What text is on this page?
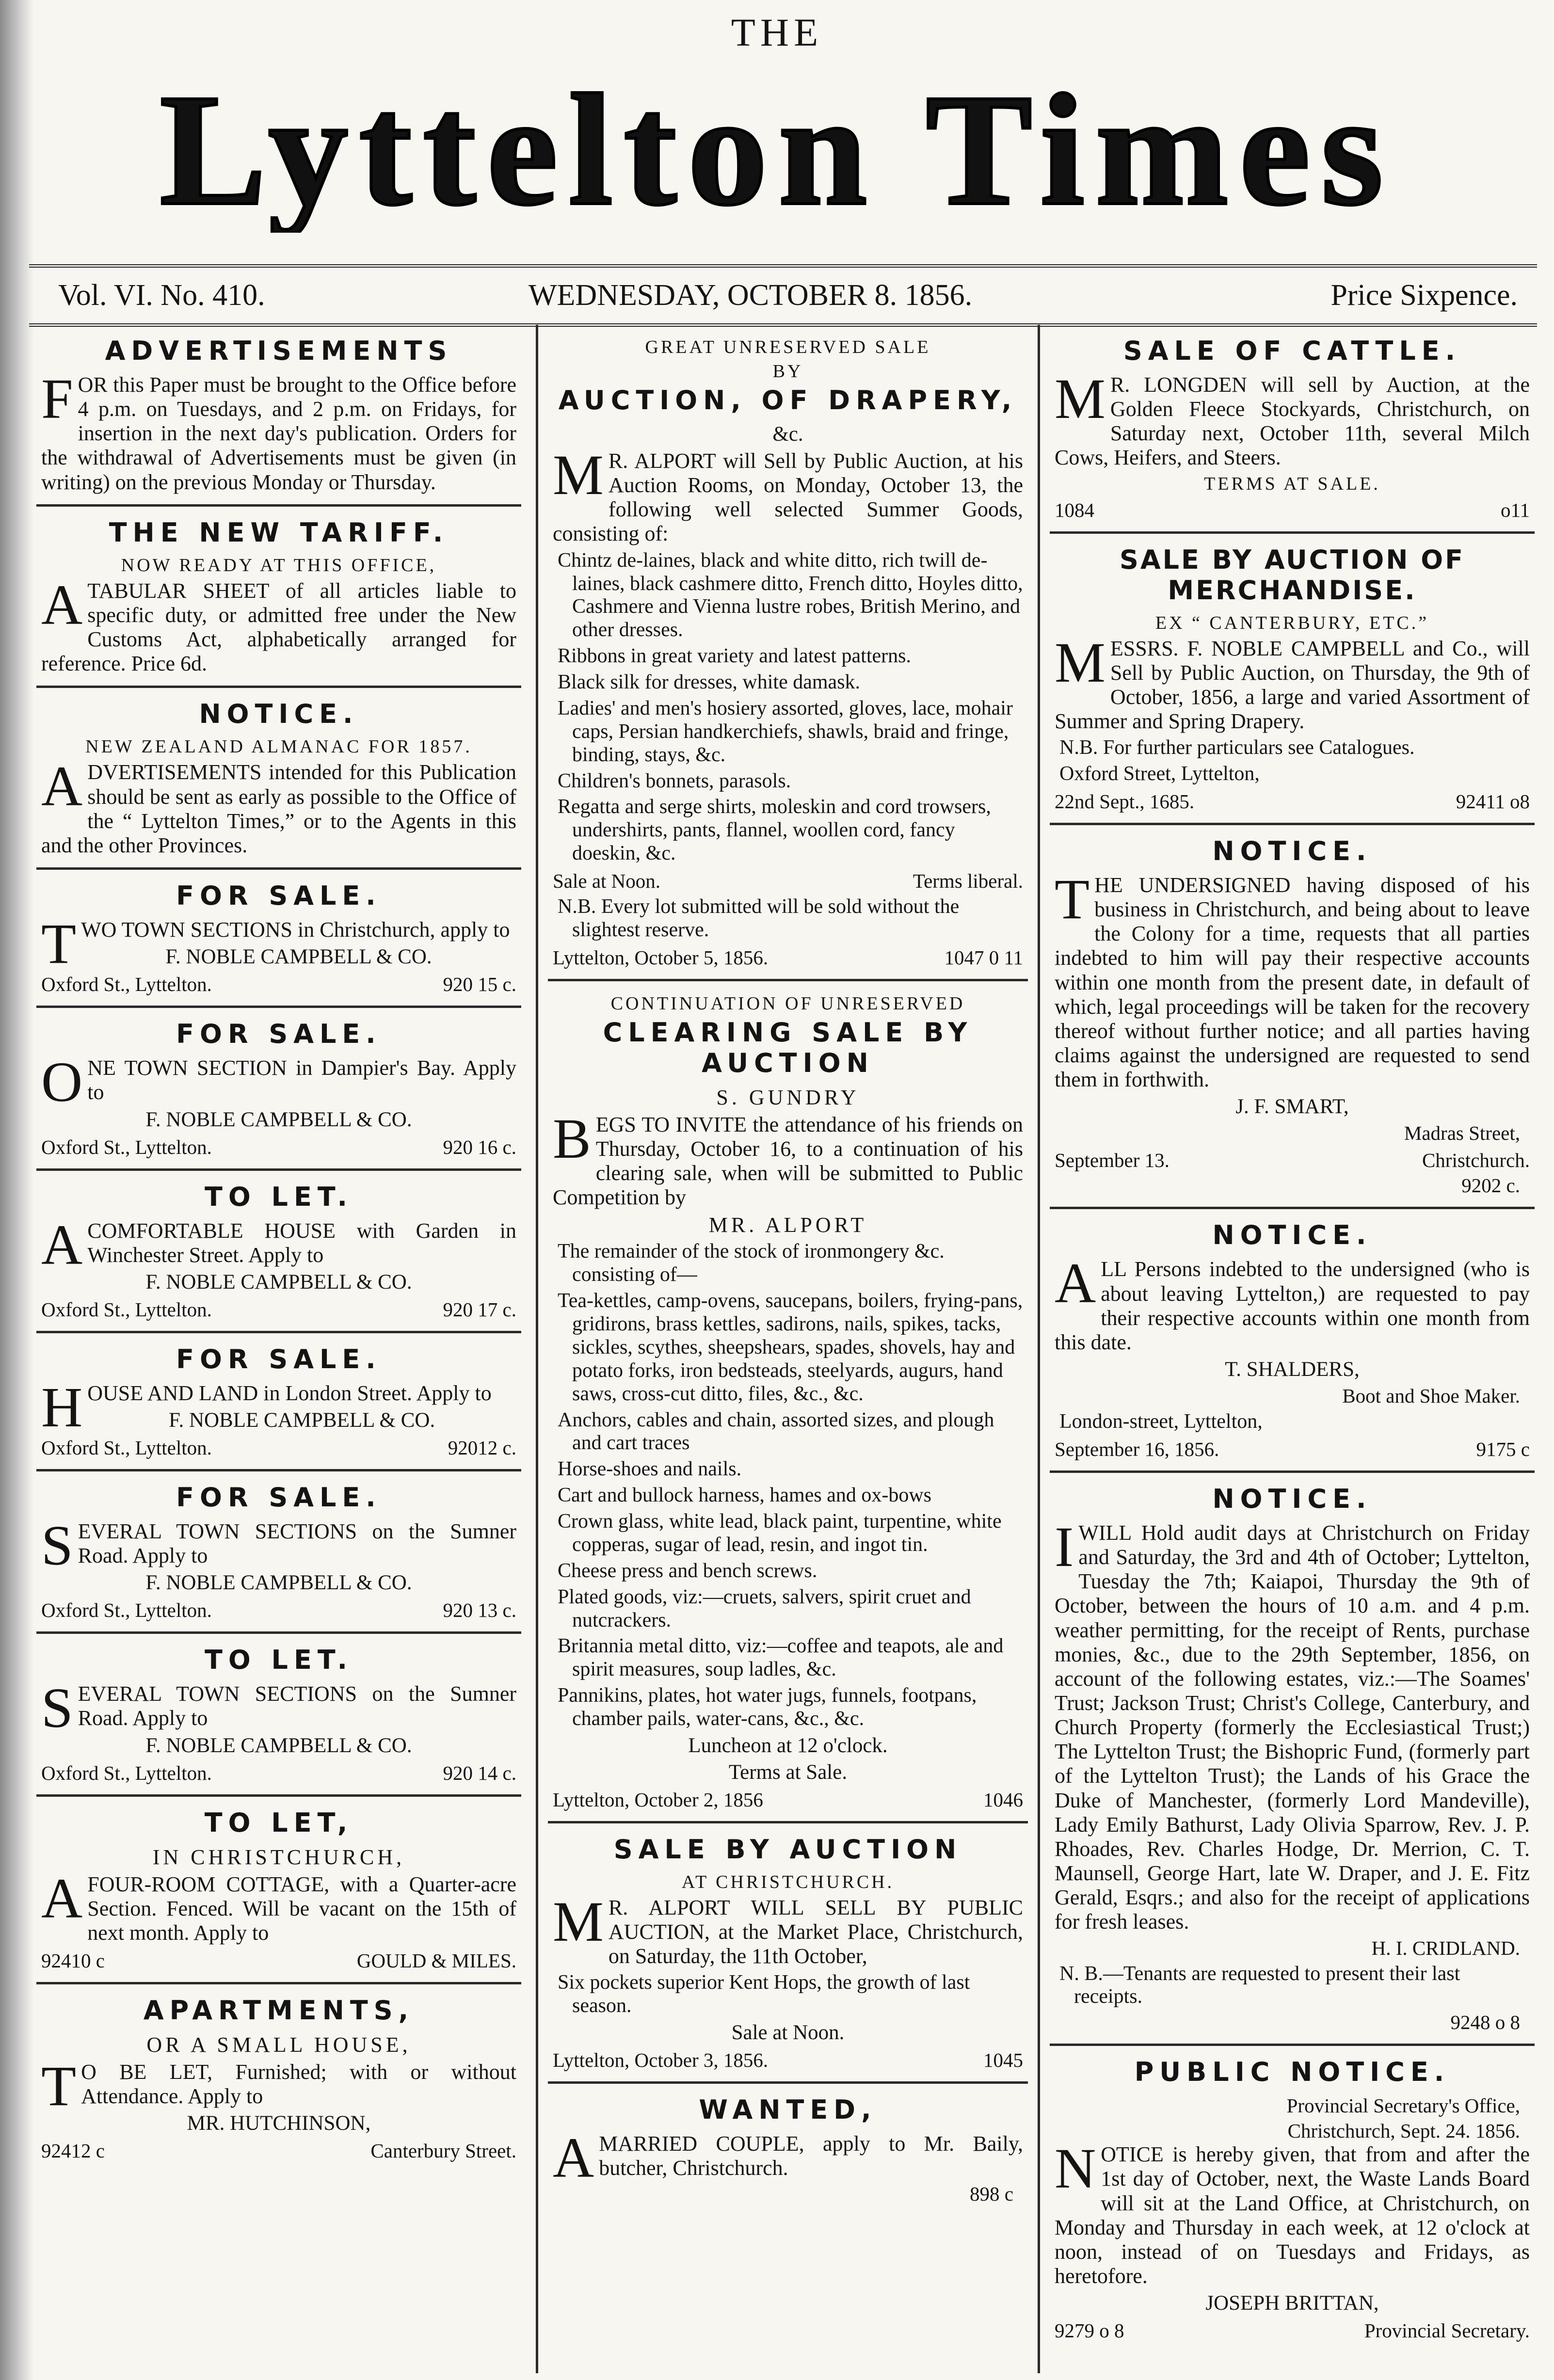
THE
Lyttelton Times
Vol. VI. No. 410.	WEDNESDAY, OCTOBER 8. 1856.	Price Sixpence.
ADVERTISEMENTS

FOR this Paper must be brought to the Office before 4 p.m. on Tuesdays, and 2 p.m. on Fridays, for insertion in the next day's publication. Orders for the withdrawal of Advertisements must be given (in writing) on the previous Monday or Thursday.

THE NEW TARIFF.
NOW READY AT THIS OFFICE,

ATABULAR SHEET of all articles liable to specific duty, or admitted free under the New Customs Act, alphabetically arranged for reference. Price 6d.

NOTICE.
NEW ZEALAND ALMANAC FOR 1857.

ADVERTISEMENTS intended for this Publication should be sent as early as possible to the Office of the “ Lyttelton Times,” or to the Agents in this and the other Provinces.

FOR SALE.

TWO TOWN SECTIONS in Christchurch, apply to

F. NOBLE CAMPBELL & CO.
Oxford St., Lyttelton.	920 15 c.
FOR SALE.

ONE TOWN SECTION in Dampier's Bay. Apply to

F. NOBLE CAMPBELL & CO.
Oxford St., Lyttelton.	920 16 c.
TO LET.

ACOMFORTABLE HOUSE with Garden in Winchester Street. Apply to

F. NOBLE CAMPBELL & CO.
Oxford St., Lyttelton.	920 17 c.
FOR SALE.

HOUSE AND LAND in London Street. Apply to

F. NOBLE CAMPBELL & CO.
Oxford St., Lyttelton.	92012 c.
FOR SALE.

SEVERAL TOWN SECTIONS on the Sumner Road. Apply to

F. NOBLE CAMPBELL & CO.
Oxford St., Lyttelton.	920 13 c.
TO LET.

SEVERAL TOWN SECTIONS on the Sumner Road. Apply to

F. NOBLE CAMPBELL & CO.
Oxford St., Lyttelton.	920 14 c.
TO LET,
IN CHRISTCHURCH,

AFOUR-ROOM COTTAGE, with a Quarter-acre Section. Fenced. Will be vacant on the 15th of next month. Apply to

92410 c	GOULD & MILES.
APARTMENTS,
OR A SMALL HOUSE,

TO BE LET, Furnished; with or without Attendance. Apply to

MR. HUTCHINSON,
92412 c	Canterbury Street.
GREAT UNRESERVED SALE
BY
AUCTION, OF DRAPERY,
&c.

MR. ALPORT will Sell by Public Auction, at his Auction Rooms, on Monday, October 13, the following well selected Summer Goods, consisting of:

Chintz de-laines, black and white ditto, rich twill de-laines, black cashmere ditto, French ditto, Hoyles ditto, Cashmere and Vienna lustre robes, British Merino, and other dresses.
Ribbons in great variety and latest patterns.
Black silk for dresses, white damask.
Ladies' and men's hosiery assorted, gloves, lace, mohair caps, Persian handkerchiefs, shawls, braid and fringe, binding, stays, &c.
Children's bonnets, parasols.
Regatta and serge shirts, moleskin and cord trowsers, undershirts, pants, flannel, woollen cord, fancy doeskin, &c.
Sale at Noon.	Terms liberal.
N.B. Every lot submitted will be sold without the slightest reserve.
Lyttelton, October 5, 1856.	1047 0 11
CONTINUATION OF UNRESERVED
CLEARING SALE BY AUCTION
S. GUNDRY

BEGS TO INVITE the attendance of his friends on Thursday, October 16, to a continuation of his clearing sale, when will be submitted to Public Competition by

MR. ALPORT
The remainder of the stock of ironmongery &c. consisting of—
Tea-kettles, camp-ovens, saucepans, boilers, frying-pans, gridirons, brass kettles, sadirons, nails, spikes, tacks, sickles, scythes, sheepshears, spades, shovels, hay and potato forks, iron bedsteads, steelyards, augurs, hand saws, cross-cut ditto, files, &c., &c.
Anchors, cables and chain, assorted sizes, and plough and cart traces
Horse-shoes and nails.
Cart and bullock harness, hames and ox-bows
Crown glass, white lead, black paint, turpentine, white copperas, sugar of lead, resin, and ingot tin.
Cheese press and bench screws.
Plated goods, viz:—cruets, salvers, spirit cruet and nutcrackers.
Britannia metal ditto, viz:—coffee and teapots, ale and spirit measures, soup ladles, &c.
Pannikins, plates, hot water jugs, funnels, footpans, chamber pails, water-cans, &c., &c.
Luncheon at 12 o'clock.
Terms at Sale.
Lyttelton, October 2, 1856	1046
SALE BY AUCTION
AT CHRISTCHURCH.

MR. ALPORT WILL SELL BY PUBLIC AUCTION, at the Market Place, Christchurch, on Saturday, the 11th October,

Six pockets superior Kent Hops, the growth of last season.
Sale at Noon.
Lyttelton, October 3, 1856.	1045
WANTED,

AMARRIED COUPLE, apply to Mr. Baily, butcher, Christchurch.

898 c
SALE OF CATTLE.

MR. LONGDEN will sell by Auction, at the Golden Fleece Stockyards, Christchurch, on Saturday next, October 11th, several Milch Cows, Heifers, and Steers.

TERMS AT SALE.
1084	o11
SALE BY AUCTION OF MERCHANDISE.
EX “ CANTERBURY, ETC.”

MESSRS. F. NOBLE CAMPBELL and Co., will Sell by Public Auction, on Thursday, the 9th of October, 1856, a large and varied Assortment of Summer and Spring Drapery.

N.B. For further particulars see Catalogues.
Oxford Street, Lyttelton,
22nd Sept., 1685.	92411 o8
NOTICE.

THE UNDERSIGNED having disposed of his business in Christchurch, and being about to leave the Colony for a time, requests that all parties indebted to him will pay their respective accounts within one month from the present date, in default of which, legal proceedings will be taken for the recovery thereof without further notice; and all parties having claims against the undersigned are requested to send them in forthwith.

J. F. SMART,
Madras Street,
September 13.	Christchurch.
9202 c.
NOTICE.

ALL Persons indebted to the undersigned (who is about leaving Lyttelton,) are requested to pay their respective accounts within one month from this date.

T. SHALDERS,
Boot and Shoe Maker.
London-street, Lyttelton,
September 16, 1856.	9175 c
NOTICE.

IWILL Hold audit days at Christchurch on Friday and Saturday, the 3rd and 4th of October; Lyttelton, Tuesday the 7th; Kaiapoi, Thursday the 9th of October, between the hours of 10 a.m. and 4 p.m. weather permitting, for the receipt of Rents, purchase monies, &c., due to the 29th September, 1856, on account of the following estates, viz.:—The Soames' Trust; Jackson Trust; Christ's College, Canterbury, and Church Property (formerly the Ecclesiastical Trust;) The Lyttelton Trust; the Bishopric Fund, (formerly part of the Lyttelton Trust); the Lands of his Grace the Duke of Manchester, (formerly Lord Mandeville), Lady Emily Bathurst, Lady Olivia Sparrow, Rev. J. P. Rhoades, Rev. Charles Hodge, Dr. Merrion, C. T. Maunsell, George Hart, late W. Draper, and J. E. Fitz Gerald, Esqrs.; and also for the receipt of applications for fresh leases.

H. I. CRIDLAND.
N. B.—Tenants are requested to present their last receipts.
9248 o 8
PUBLIC NOTICE.
Provincial Secretary's Office,
Christchurch, Sept. 24. 1856.

NOTICE is hereby given, that from and after the 1st day of October, next, the Waste Lands Board will sit at the Land Office, at Christchurch, on Monday and Thursday in each week, at 12 o'clock at noon, instead of on Tuesdays and Fridays, as heretofore.

JOSEPH BRITTAN,
9279 o 8	Provincial Secretary.
